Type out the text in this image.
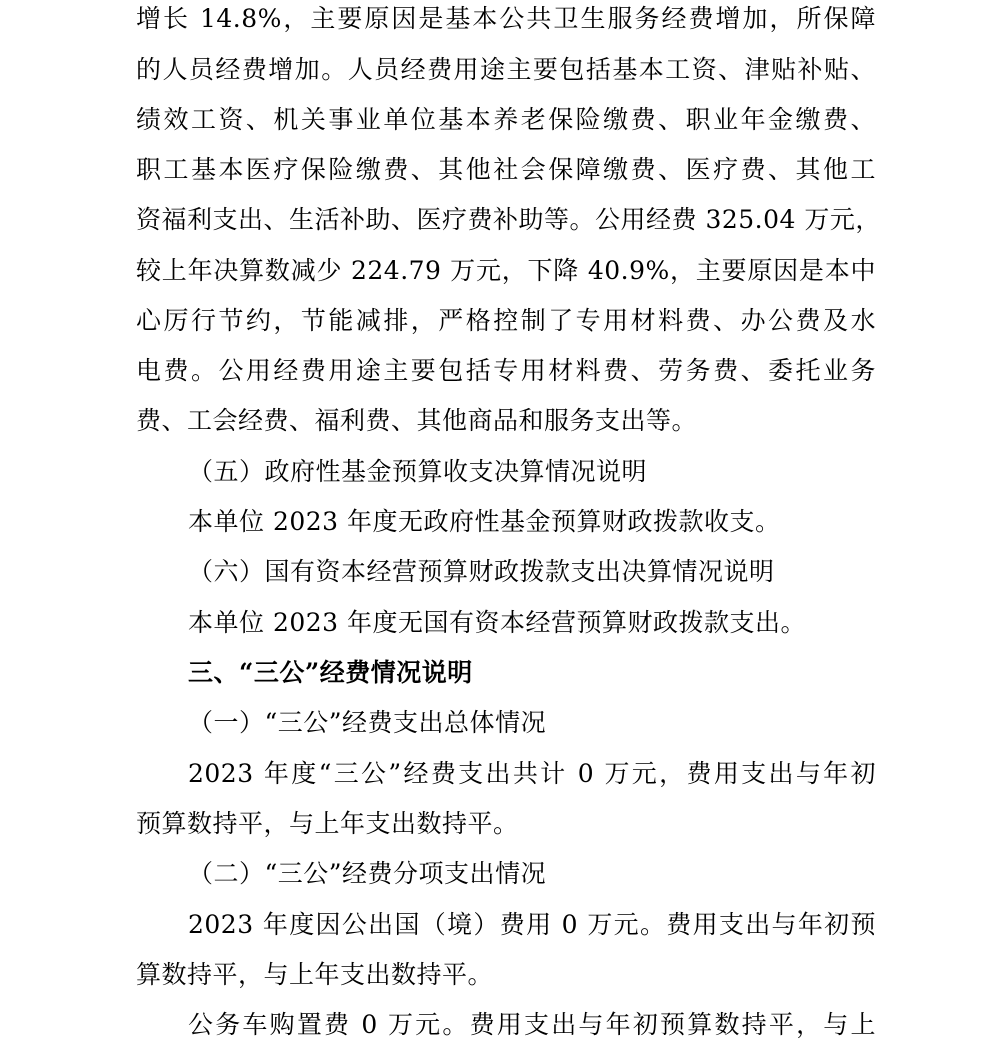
增长 14.8%，主要原因是基本公共卫生服务经费增加，所保障
的人员经费增加。人员经费用途主要包括基本工资、津贴补贴、
绩效工资、机关事业单位基本养老保险缴费、职业年金缴费、
职工基本医疗保险缴费、其他社会保障缴费、医疗费、其他工
资福利支出、生活补助、医疗费补助等。公用经费 325.04 万元，
较上年决算数减少 224.79 万元，下降 40.9%，主要原因是本中
心厉行节约，节能减排，严格控制了专用材料费、办公费及水
电费。公用经费用途主要包括专用材料费、劳务费、委托业务
费、工会经费、福利费、其他商品和服务支出等。
（五）政府性基金预算收支决算情况说明
本单位 2023 年度无政府性基金预算财政拨款收支。
（六）国有资本经营预算财政拨款支出决算情况说明
本单位 2023 年度无国有资本经营预算财政拨款支出。
三、“三公”经费情况说明
（一）“三公”经费支出总体情况
2023 年度“三公”经费支出共计 0 万元，费用支出与年初
预算数持平，与上年支出数持平。
（二）“三公”经费分项支出情况
2023 年度因公出国（境）费用 0 万元。费用支出与年初预
算数持平，与上年支出数持平。
公务车购置费 0 万元。费用支出与年初预算数持平，与上
